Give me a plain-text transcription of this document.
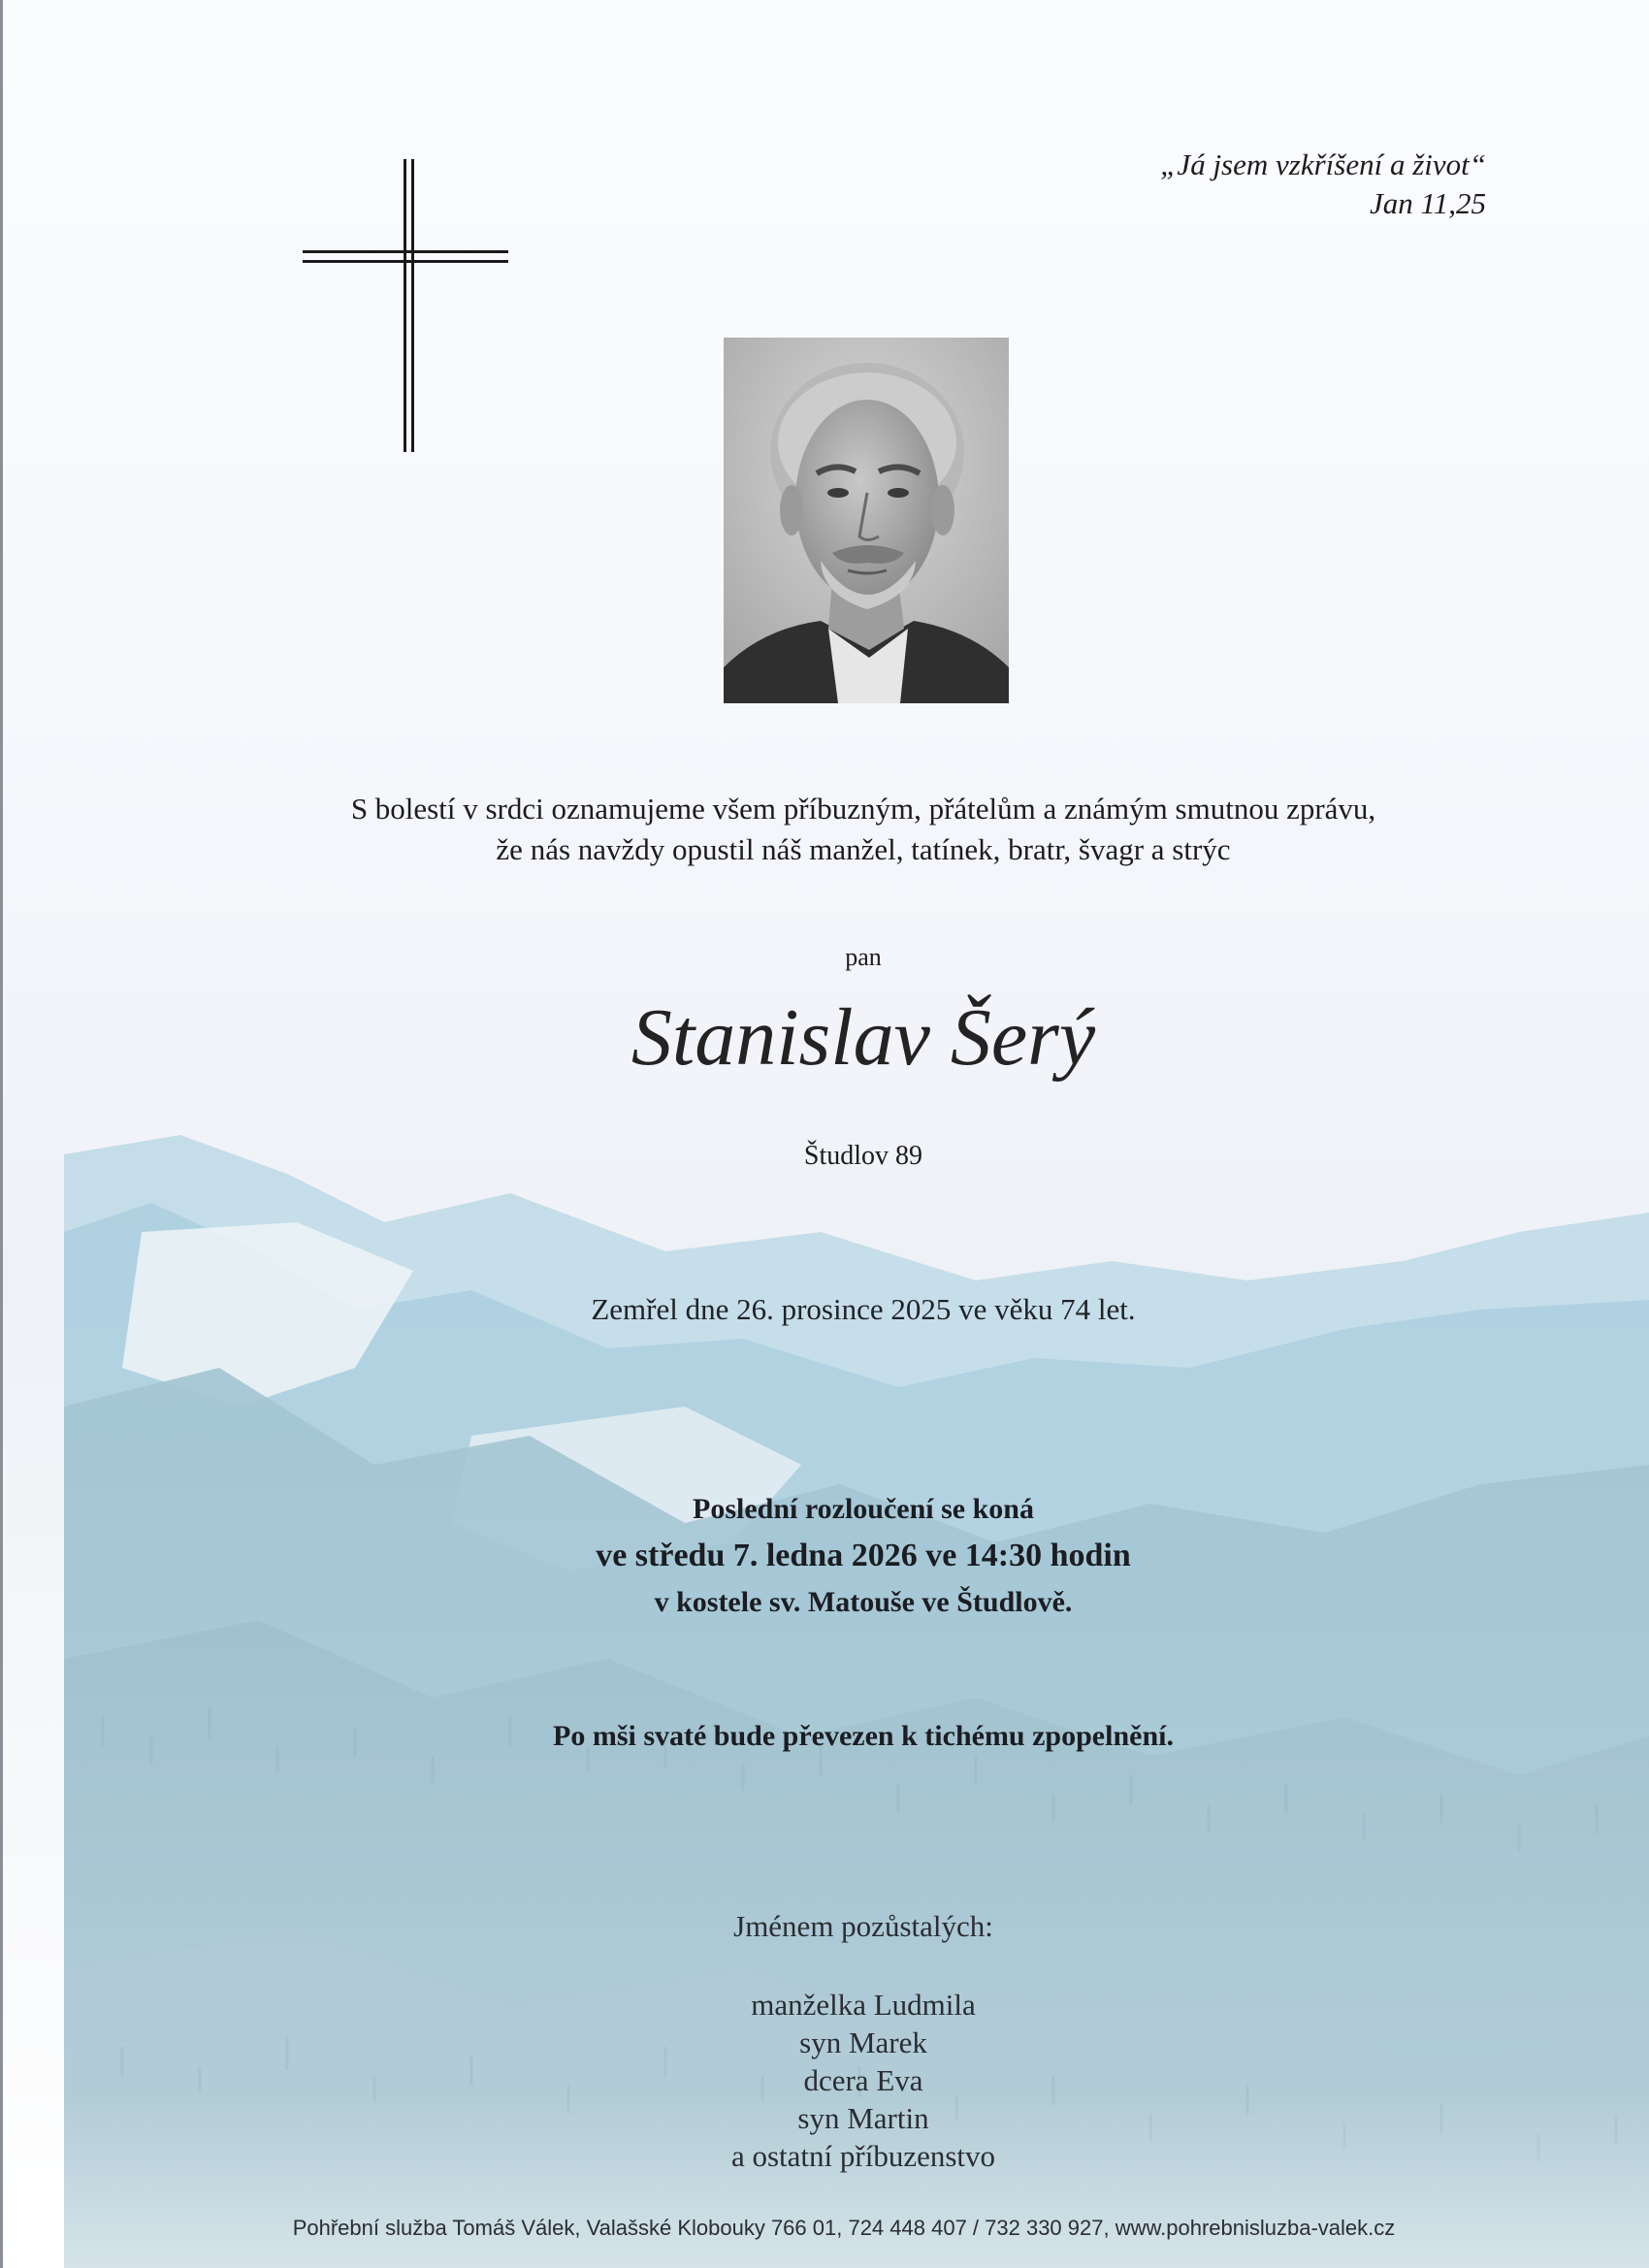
„Já jsem vzkříšení a život“
Jan 11,25
S bolestí v srdci oznamujeme všem příbuzným, přátelům a známým smutnou zprávu,
že nás navždy opustil náš manžel, tatínek, bratr, švagr a strýc
pan
Stanislav Šerý
Študlov 89
Zemřel dne 26. prosince 2025 ve věku 74 let.
Poslední rozloučení se koná
ve středu 7. ledna 2026 ve 14:30 hodin
v kostele sv. Matouše ve Študlově.
Po mši svaté bude převezen k tichému zpopelnění.
Jménem pozůstalých:
manželka Ludmila
syn Marek
dcera Eva
syn Martin
a ostatní příbuzenstvo
Pohřební služba Tomáš Válek, Valašské Klobouky 766 01, 724 448 407 / 732 330 927, www.pohrebnisluzba-valek.cz
